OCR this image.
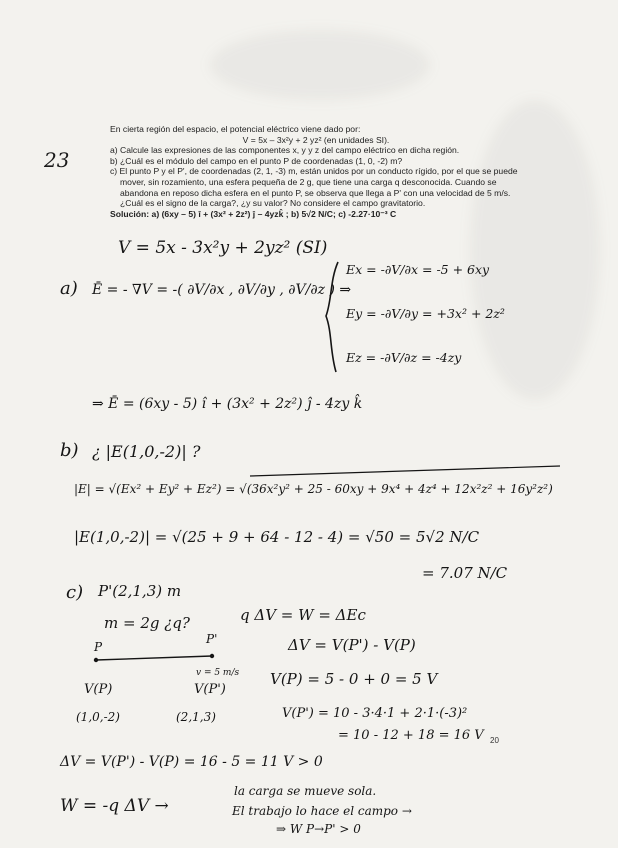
En cierta región del espacio, el potencial eléctrico viene dado por:
V = 5x – 3x²y + 2 yz² (en unidades SI).
a) Calcule las expresiones de las componentes x, y y z del campo eléctrico en dicha región.
b) ¿Cuál es el módulo del campo en el punto P de coordenadas (1, 0, -2) m?
c) El punto P y el P', de coordenadas (2, 1, -3) m, están unidos por un conducto rígido, por el que se puede mover, sin rozamiento, una esfera pequeña de 2 g, que tiene una carga q desconocida. Cuando se abandona en reposo dicha esfera en el punto P, se observa que llega a P' con una velocidad de 5 m/s. ¿Cuál es el signo de la carga?, ¿y su valor? No considere el campo gravitatorio.
Solución: a) (6xy – 5) î + (3x² + 2z²) ĵ – 4yzk̂ ; b) 5√2 N/C; c) -2.27·10⁻³ C
23
V = 5x - 3x²y + 2yz² (SI)
a) Ē = - ∇V = -( ∂V/∂x , ∂V/∂y , ∂V/∂z ) ⇒
Ex = -∂V/∂x = -5 + 6xy
Ey = -∂V/∂y = +3x² + 2z²
Ez = -∂V/∂z = -4zy
⇒ Ē = (6xy - 5) î + (3x² + 2z²) ĵ - 4zy k̂
b) ¿ |E(1,0,-2)| ?
|E| = √(Ex² + Ey² + Ez²) = √(36x²y² + 25 - 60xy + 9x⁴ + 4z⁴ + 12x²z² + 16y²z²)
|E(1,0,-2)| = √(25 + 9 + 64 - 12 - 4) = √50 = 5√2 N/C
= 7.07 N/C
c) P'(2,1,3) m
m = 2g ¿q?	q ΔV = W = ΔEc
ΔV = V(P') - V(P)
P
P'
v = 5 m/s
V(P)	V(P')
V(P) = 5 - 0 + 0 = 5 V
(1,0,-2)	(2,1,3)	V(P') = 10 - 3·4·1 + 2·1·(-3)²
= 10 - 12 + 18 = 16 V
ΔV = V(P') - V(P) = 16 - 5 = 11 V > 0
W = -q ΔV →
la carga se mueve sola.
El trabajo lo hace el campo →
⇒ W P→P' > 0
20
